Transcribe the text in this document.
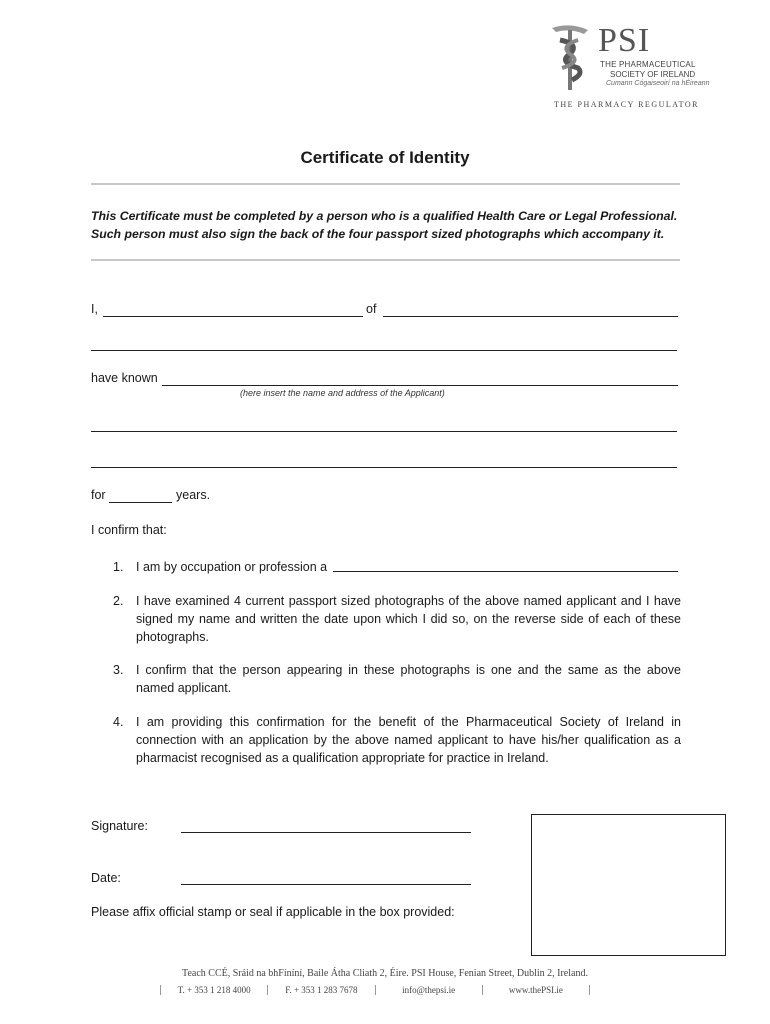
PSI
THE PHARMACEUTICAL
SOCIETY OF IRELAND
Cumann Cógaiseoirí na hÉireann
THE PHARMACY REGULATOR
Certificate of Identity
This Certificate must be completed by a person who is a qualified Health Care or Legal Professional. Such person must also sign the back of the four passport sized photographs which accompany it.
I,	of
have known
(here insert the name and address of the Applicant)
for	years.
I confirm that:
1. I am by occupation or profession a
2. I have examined 4 current passport sized photographs of the above named applicant and I have signed my name and written the date upon which I did so, on the reverse side of each of these photographs.
3. I confirm that the person appearing in these photographs is one and the same as the above named applicant.
4. I am providing this confirmation for the benefit of the Pharmaceutical Society of Ireland in connection with an application by the above named applicant to have his/her qualification as a pharmacist recognised as a qualification appropriate for practice in Ireland.
Signature:
Date:
Please affix official stamp or seal if applicable in the box provided:
Teach CCÉ, Sráid na bhFíníní, Baile Átha Cliath 2, Éire. PSI House, Fenian Street, Dublin 2, Ireland.
T. + 353 1 218 4000	F. + 353 1 283 7678	info@thepsi.ie	www.thePSI.ie
